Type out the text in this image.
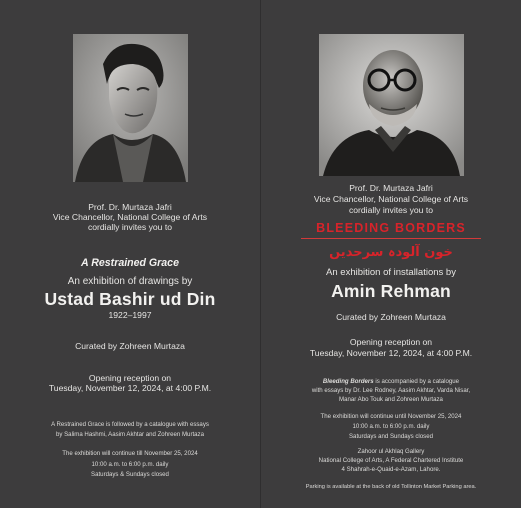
Prof. Dr. Murtaza Jafri

Vice Chancellor, National College of Arts

cordially invites you to

A Restrained Grace

An exhibition of drawings by

Ustad Bashir ud Din

1922–1997

Curated by Zohreen Murtaza

Opening reception on

Tuesday, November 12, 2024, at 4:00 P.M.

A Restrained Grace is followed by a catalogue with essays

by Salima Hashmi, Aasim Akhtar and Zohreen Murtaza

The exhibition will continue till November 25, 2024

10:00 a.m. to 6:00 p.m. daily

Saturdays & Sundays closed

Prof. Dr. Murtaza Jafri

Vice Chancellor, National College of Arts

cordially invites you to

BLEEDING BORDERS

خون آلودہ سرحدیں

An exhibition of installations by

Amin Rehman

Curated by Zohreen Murtaza

Opening reception on

Tuesday, November 12, 2024, at 4:00 P.M.

Bleeding Borders is accompanied by a catalogue

with essays by Dr. Lee Rodney, Aasim Akhtar, Varda Nisar,

Manar Abo Touk and Zohreen Murtaza

The exhibition will continue until November 25, 2024

10:00 a.m. to 6:00 p.m. daily

Saturdays and Sundays closed

Zahoor ul Akhlaq Gallery

National College of Arts, A Federal Chartered Institute

4 Shahrah-e-Quaid-e-Azam, Lahore.

Parking is available at the back of old Tollinton Market Parking area.
